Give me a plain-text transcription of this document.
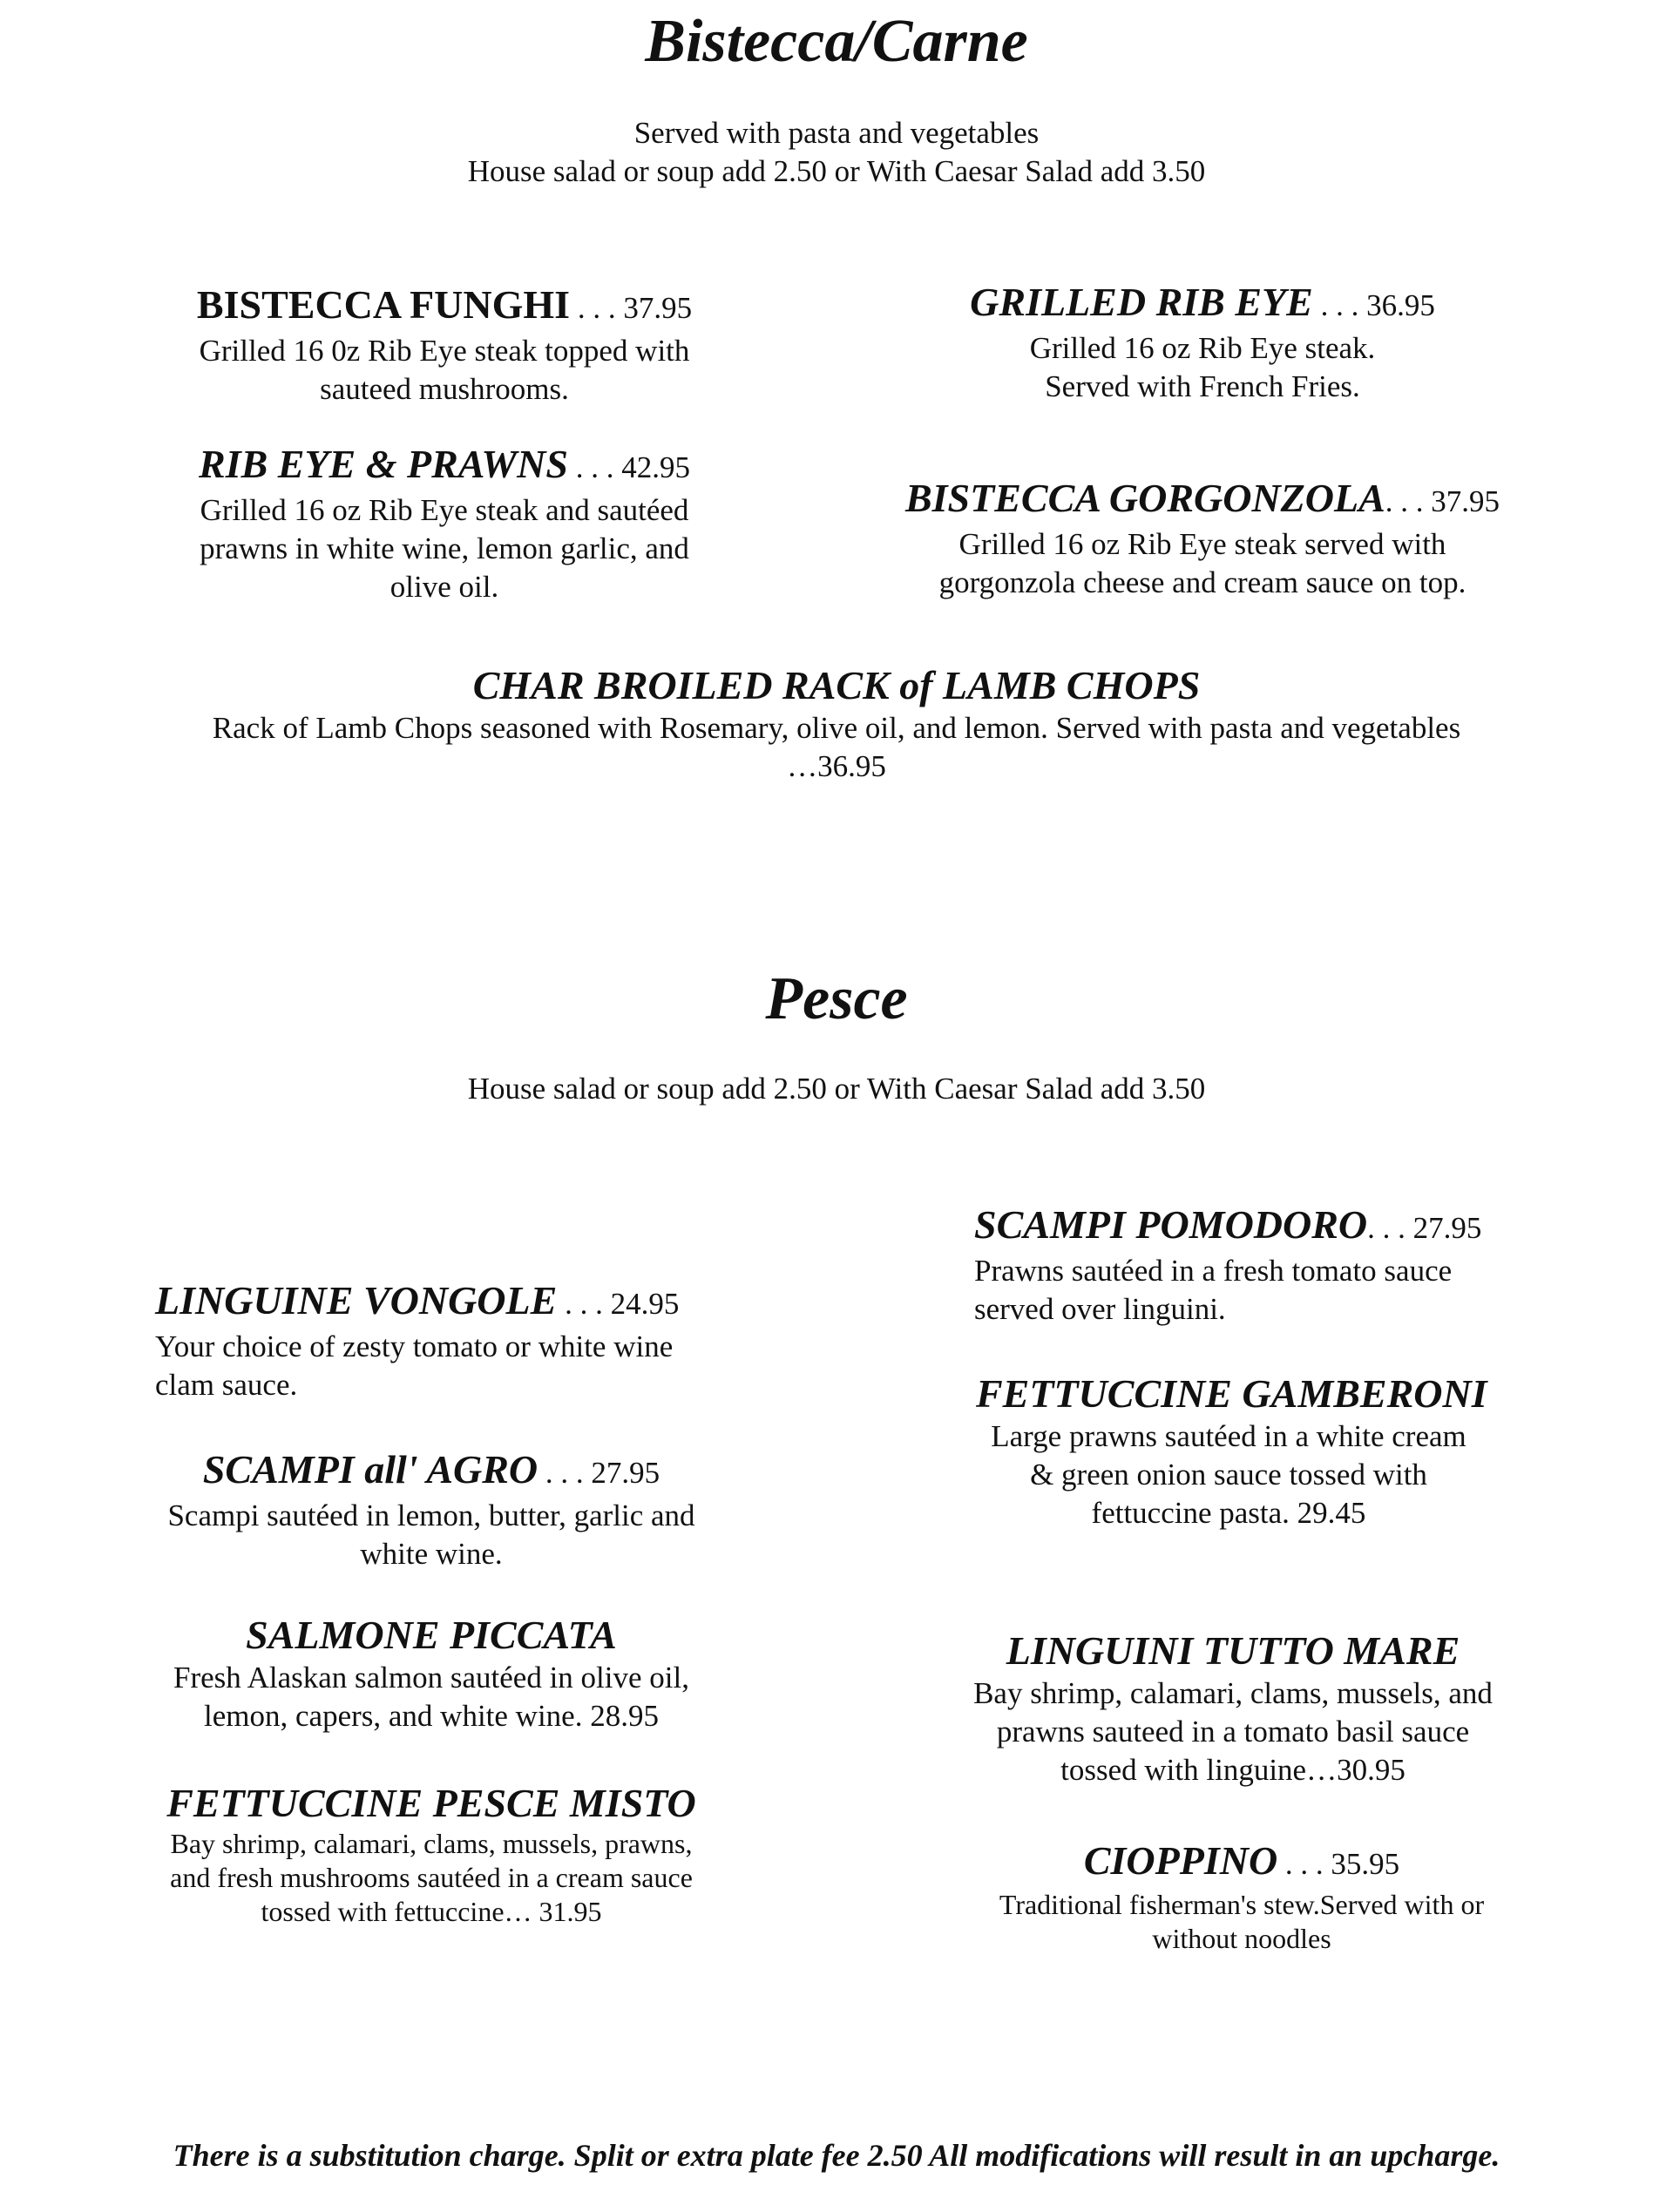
Bistecca/Carne
Served with pasta and vegetables
House salad or soup add 2.50 or With Caesar Salad add 3.50
BISTECCA FUNGHI . . . 37.95
Grilled 16 0z Rib Eye steak topped with sauteed mushrooms.
GRILLED RIB EYE . . . 36.95
Grilled 16 oz Rib Eye steak.
Served with French Fries.
RIB EYE & PRAWNS . . . 42.95
Grilled 16 oz Rib Eye steak and sautéed prawns in white wine, lemon garlic, and olive oil.
BISTECCA GORGONZOLA. . . 37.95
Grilled 16 oz Rib Eye steak served with gorgonzola cheese and cream sauce on top.
CHAR BROILED RACK of LAMB CHOPS
Rack of Lamb Chops seasoned with Rosemary, olive oil, and lemon. Served with pasta and vegetables
…36.95
Pesce
House salad or soup add 2.50 or With Caesar Salad add 3.50
SCAMPI POMODORO. . . 27.95
Prawns sautéed in a fresh tomato sauce served over linguini.
LINGUINE VONGOLE . . . 24.95
Your choice of zesty tomato or white wine clam sauce.	FETTUCCINE GAMBERONI
Large prawns sautéed in a white cream & green onion sauce tossed with fettuccine pasta. 29.45
SCAMPI all' AGRO . . . 27.95
Scampi sautéed in lemon, butter, garlic and white wine.
SALMONE PICCATA
Fresh Alaskan salmon sautéed in olive oil, lemon, capers, and white wine. 28.95
LINGUINI TUTTO MARE
Bay shrimp, calamari, clams, mussels, and prawns sauteed in a tomato basil sauce tossed with linguine…30.95
FETTUCCINE PESCE MISTO
Bay shrimp, calamari, clams, mussels, prawns, and fresh mushrooms sautéed in a cream sauce tossed with fettuccine… 31.95
CIOPPINO . . . 35.95
Traditional fisherman's stew.Served with or without noodles
There is a substitution charge. Split or extra plate fee 2.50 All modifications will result in an upcharge.
